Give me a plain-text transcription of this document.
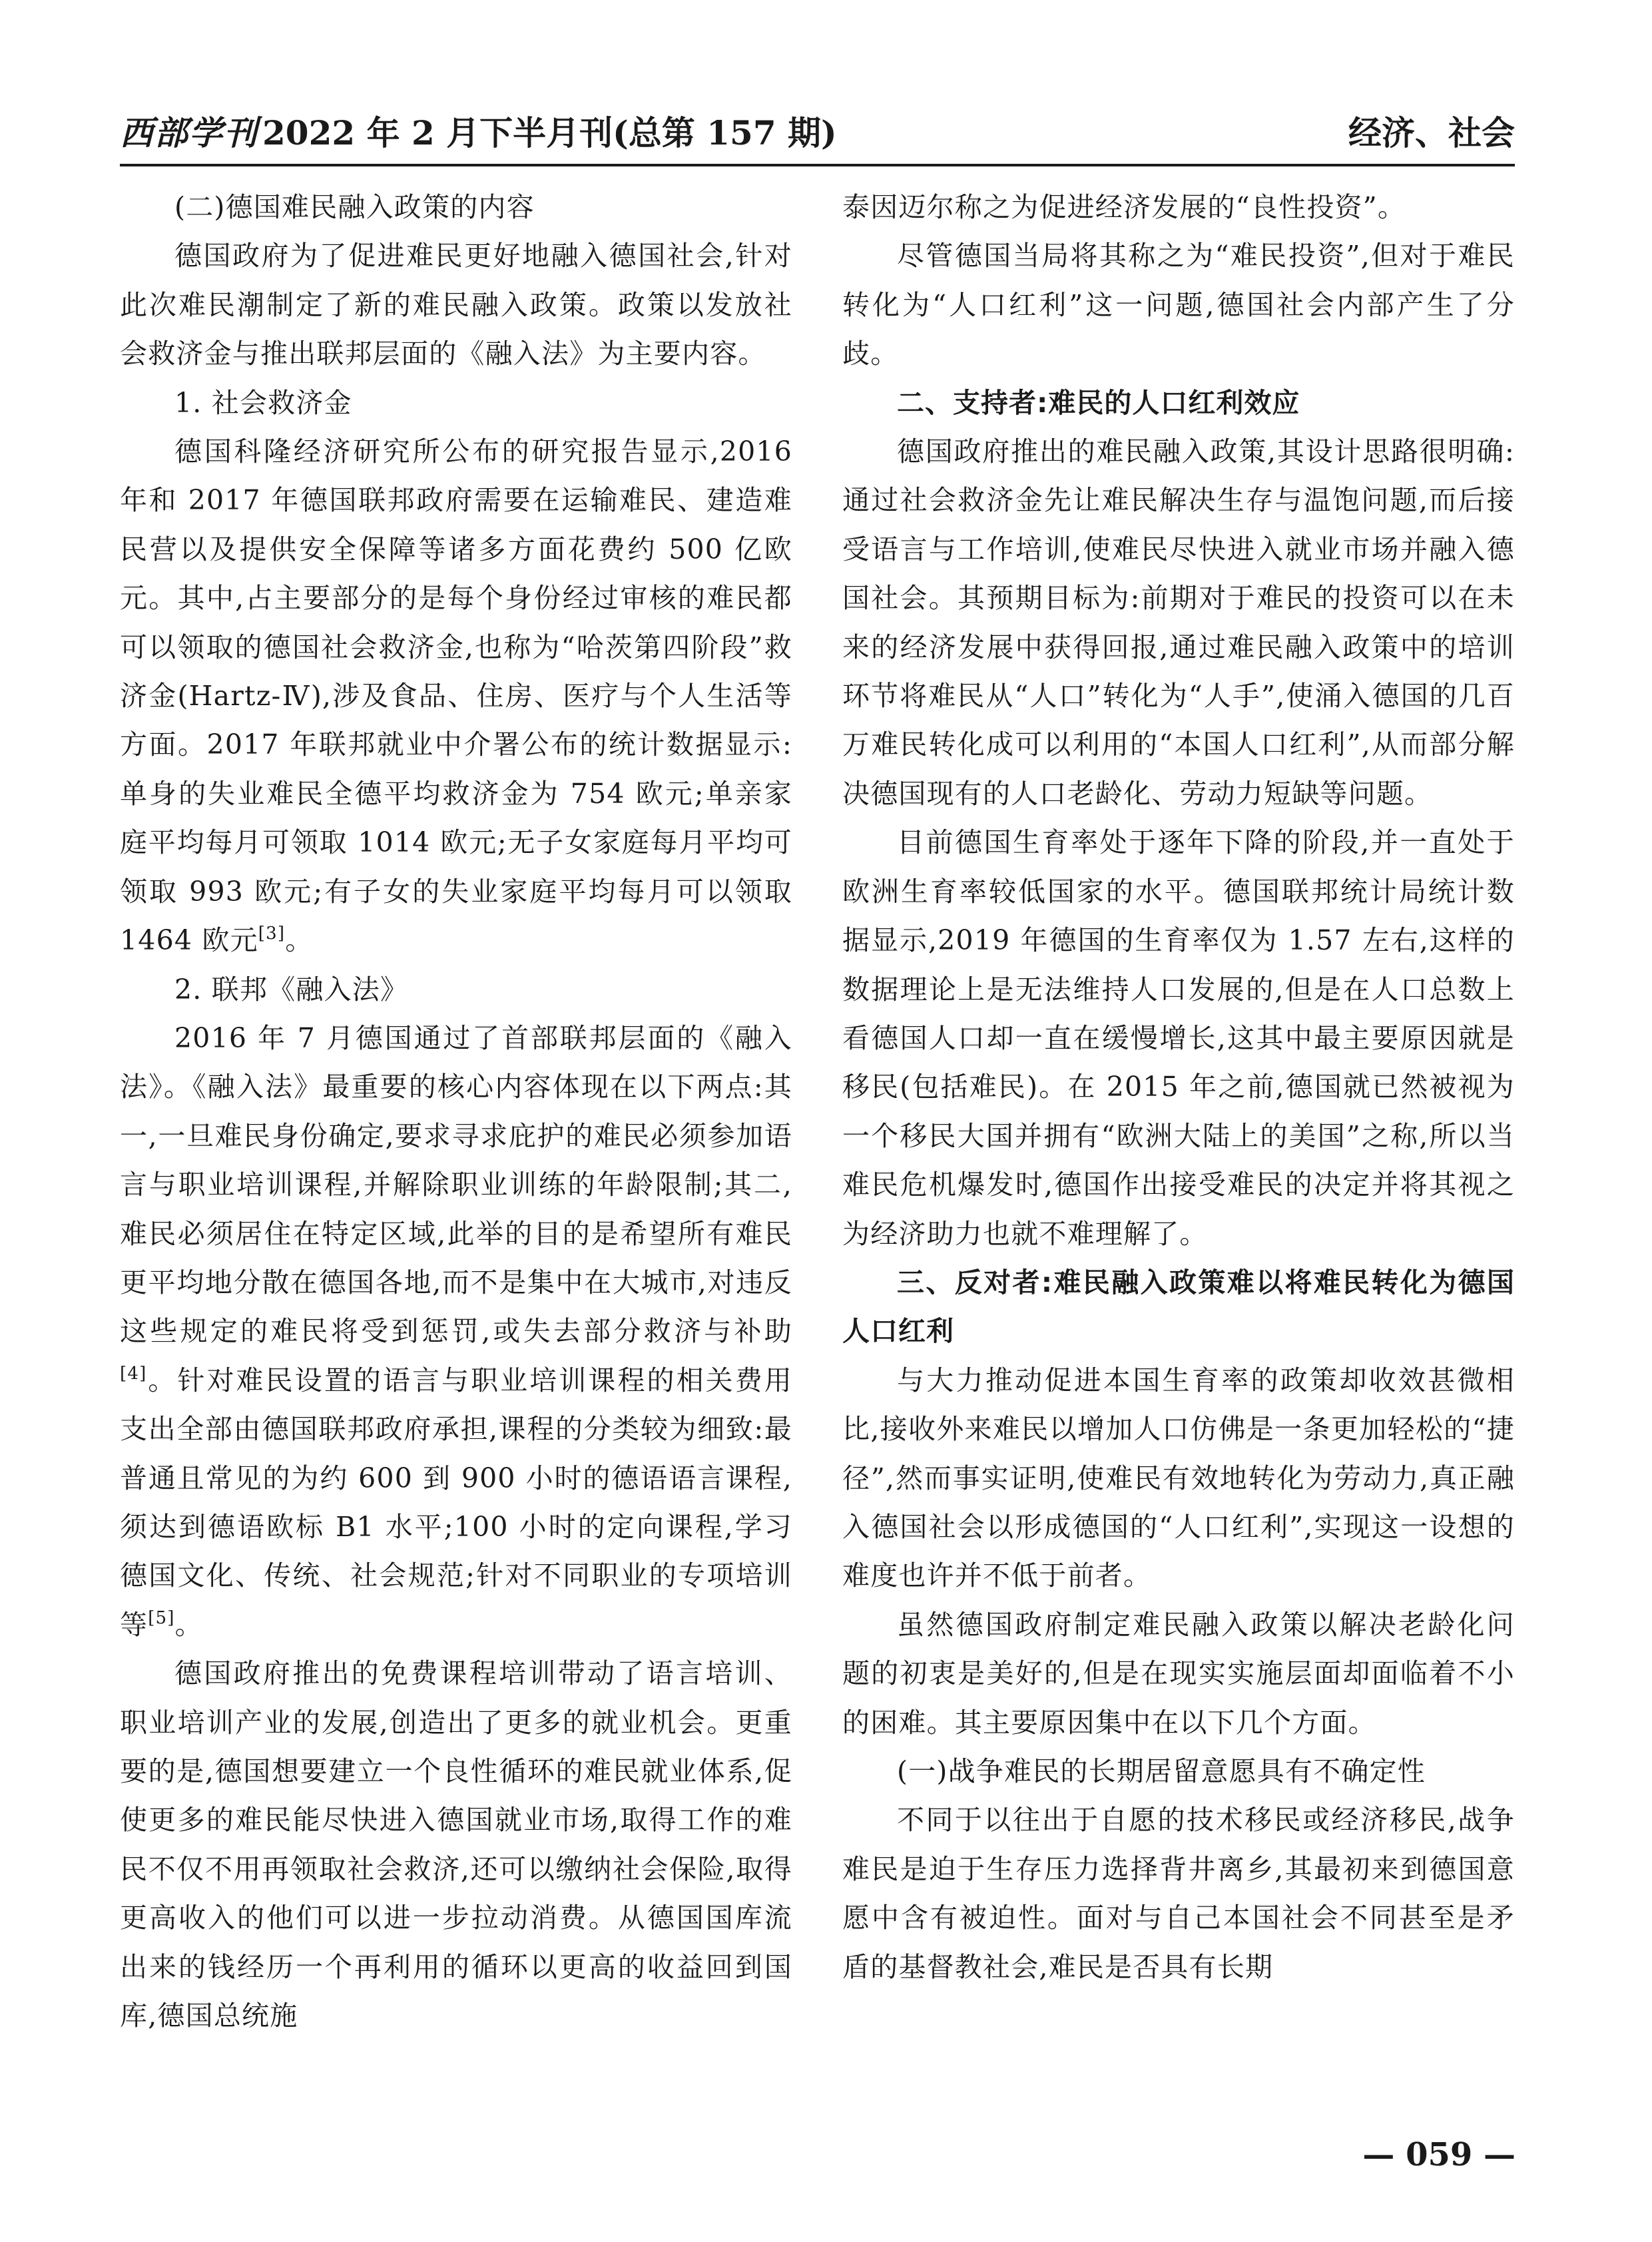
西部学刊 2022 年 2 月下半月刊(总第 157 期)	经济、社会

(二)德国难民融入政策的内容

德国政府为了促进难民更好地融入德国社会,针对此次难民潮制定了新的难民融入政策。政策以发放社会救济金与推出联邦层面的《融入法》为主要内容。

1. 社会救济金

德国科隆经济研究所公布的研究报告显示,2016 年和 2017 年德国联邦政府需要在运输难民、建造难民营以及提供安全保障等诸多方面花费约 500 亿欧元。其中,占主要部分的是每个身份经过审核的难民都可以领取的德国社会救济金,也称为“哈茨第四阶段”救济金(Hartz-Ⅳ),涉及食品、住房、医疗与个人生活等方面。2017 年联邦就业中介署公布的统计数据显示:单身的失业难民全德平均救济金为 754 欧元;单亲家庭平均每月可领取 1014 欧元;无子女家庭每月平均可领取 993 欧元;有子女的失业家庭平均每月可以领取 1464 欧元[3]。

2. 联邦《融入法》

2016 年 7 月德国通过了首部联邦层面的《融入法》。《融入法》最重要的核心内容体现在以下两点:其一,一旦难民身份确定,要求寻求庇护的难民必须参加语言与职业培训课程,并解除职业训练的年龄限制;其二,难民必须居住在特定区域,此举的目的是希望所有难民更平均地分散在德国各地,而不是集中在大城市,对违反这些规定的难民将受到惩罚,或失去部分救济与补助[4]。针对难民设置的语言与职业培训课程的相关费用支出全部由德国联邦政府承担,课程的分类较为细致:最普通且常见的为约 600 到 900 小时的德语语言课程,须达到德语欧标 B1 水平;100 小时的定向课程,学习德国文化、传统、社会规范;针对不同职业的专项培训等[5]。

德国政府推出的免费课程培训带动了语言培训、职业培训产业的发展,创造出了更多的就业机会。更重要的是,德国想要建立一个良性循环的难民就业体系,促使更多的难民能尽快进入德国就业市场,取得工作的难民不仅不用再领取社会救济,还可以缴纳社会保险,取得更高收入的他们可以进一步拉动消费。从德国国库流出来的钱经历一个再利用的循环以更高的收益回到国库,德国总统施

泰因迈尔称之为促进经济发展的“良性投资”。

尽管德国当局将其称之为“难民投资”,但对于难民转化为“人口红利”这一问题,德国社会内部产生了分歧。

二、支持者:难民的人口红利效应

德国政府推出的难民融入政策,其设计思路很明确:通过社会救济金先让难民解决生存与温饱问题,而后接受语言与工作培训,使难民尽快进入就业市场并融入德国社会。其预期目标为:前期对于难民的投资可以在未来的经济发展中获得回报,通过难民融入政策中的培训环节将难民从“人口”转化为“人手”,使涌入德国的几百万难民转化成可以利用的“本国人口红利”,从而部分解决德国现有的人口老龄化、劳动力短缺等问题。

目前德国生育率处于逐年下降的阶段,并一直处于欧洲生育率较低国家的水平。德国联邦统计局统计数据显示,2019 年德国的生育率仅为 1.57 左右,这样的数据理论上是无法维持人口发展的,但是在人口总数上看德国人口却一直在缓慢增长,这其中最主要原因就是移民(包括难民)。在 2015 年之前,德国就已然被视为一个移民大国并拥有“欧洲大陆上的美国”之称,所以当难民危机爆发时,德国作出接受难民的决定并将其视之为经济助力也就不难理解了。

三、反对者:难民融入政策难以将难民转化为德国人口红利

与大力推动促进本国生育率的政策却收效甚微相比,接收外来难民以增加人口仿佛是一条更加轻松的“捷径”,然而事实证明,使难民有效地转化为劳动力,真正融入德国社会以形成德国的“人口红利”,实现这一设想的难度也许并不低于前者。

虽然德国政府制定难民融入政策以解决老龄化问题的初衷是美好的,但是在现实实施层面却面临着不小的困难。其主要原因集中在以下几个方面。

(一)战争难民的长期居留意愿具有不确定性

不同于以往出于自愿的技术移民或经济移民,战争难民是迫于生存压力选择背井离乡,其最初来到德国意愿中含有被迫性。面对与自己本国社会不同甚至是矛盾的基督教社会,难民是否具有长期

— 059 —
